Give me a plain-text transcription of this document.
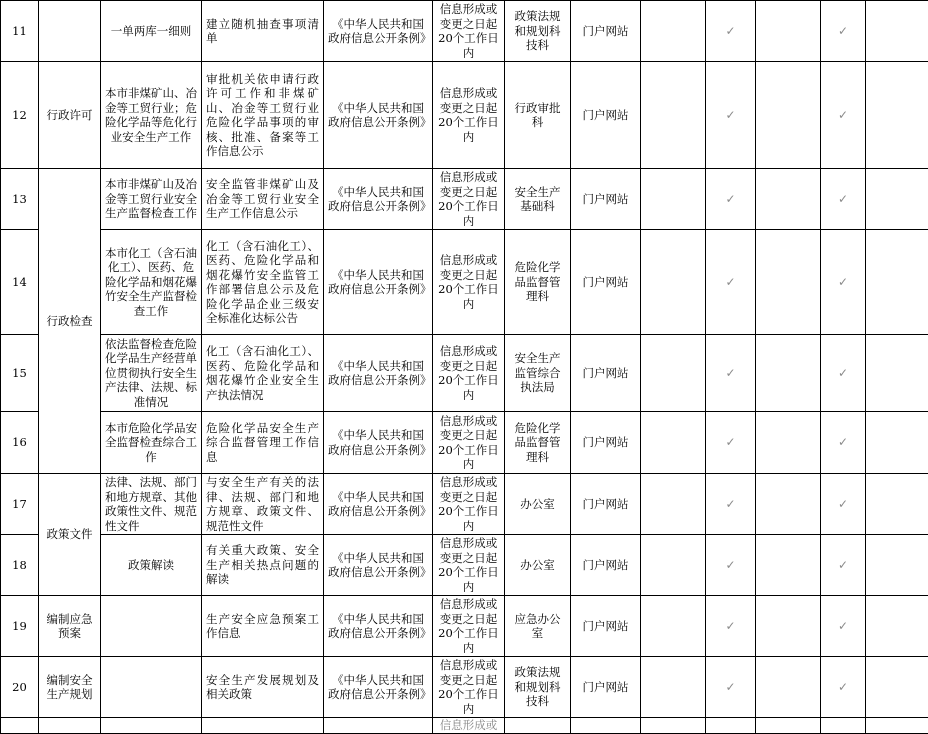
11		一单两库一细则	建立随机抽查事项清单	《中华人民共和国政府信息公开条例》	信息形成或变更之日起20个工作日内	政策法规和规划科技科	门户网站		✓		✓	
12	行政许可	本市非煤矿山、冶金等工贸行业；危险化学品等危化行业安全生产工作	审批机关依申请行政许可工作和非煤矿山、冶金等工贸行业危险化学品事项的审核、批准、备案等工作信息公示	《中华人民共和国政府信息公开条例》	信息形成或变更之日起20个工作日内	行政审批科	门户网站		✓		✓	
13	行政检查	本市非煤矿山及冶金等工贸行业安全生产监督检查工作	安全监管非煤矿山及冶金等工贸行业安全生产工作信息公示	《中华人民共和国政府信息公开条例》	信息形成或变更之日起20个工作日内	安全生产基础科	门户网站		✓		✓	
14		本市化工（含石油化工）、医药、危险化学品和烟花爆竹安全生产监督检查工作	化工（含石油化工）、医药、危险化学品和烟花爆竹安全监管工作部署信息公示及危险化学品企业三级安全标准化达标公告	《中华人民共和国政府信息公开条例》	信息形成或变更之日起20个工作日内	危险化学品监督管理科	门户网站		✓		✓	
15		依法监督检查危险化学品生产经营单位贯彻执行安全生产法律、法规、标准情况	化工（含石油化工）、医药、危险化学品和烟花爆竹企业安全生产执法情况	《中华人民共和国政府信息公开条例》	信息形成或变更之日起20个工作日内	安全生产监管综合执法局	门户网站		✓		✓	
16		本市危险化学品安全监督检查综合工作	危险化学品安全生产综合监督管理工作信息	《中华人民共和国政府信息公开条例》	信息形成或变更之日起20个工作日内	危险化学品监督管理科	门户网站		✓		✓	
17	政策文件	法律、法规、部门和地方规章、其他政策性文件、规范性文件	与安全生产有关的法律、法规、部门和地方规章、政策文件、规范性文件	《中华人民共和国政府信息公开条例》	信息形成或变更之日起20个工作日内	办公室	门户网站		✓		✓	
18		政策解读	有关重大政策、安全生产相关热点问题的解读	《中华人民共和国政府信息公开条例》	信息形成或变更之日起20个工作日内	办公室	门户网站		✓		✓	
19	编制应急预案		生产安全应急预案工作信息	《中华人民共和国政府信息公开条例》	信息形成或变更之日起20个工作日内	应急办公室	门户网站		✓		✓	
20	编制安全生产规划		安全生产发展规划及相关政策	《中华人民共和国政府信息公开条例》	信息形成或变更之日起20个工作日内	政策法规和规划科技科	门户网站		✓		✓	
					信息形成或							
